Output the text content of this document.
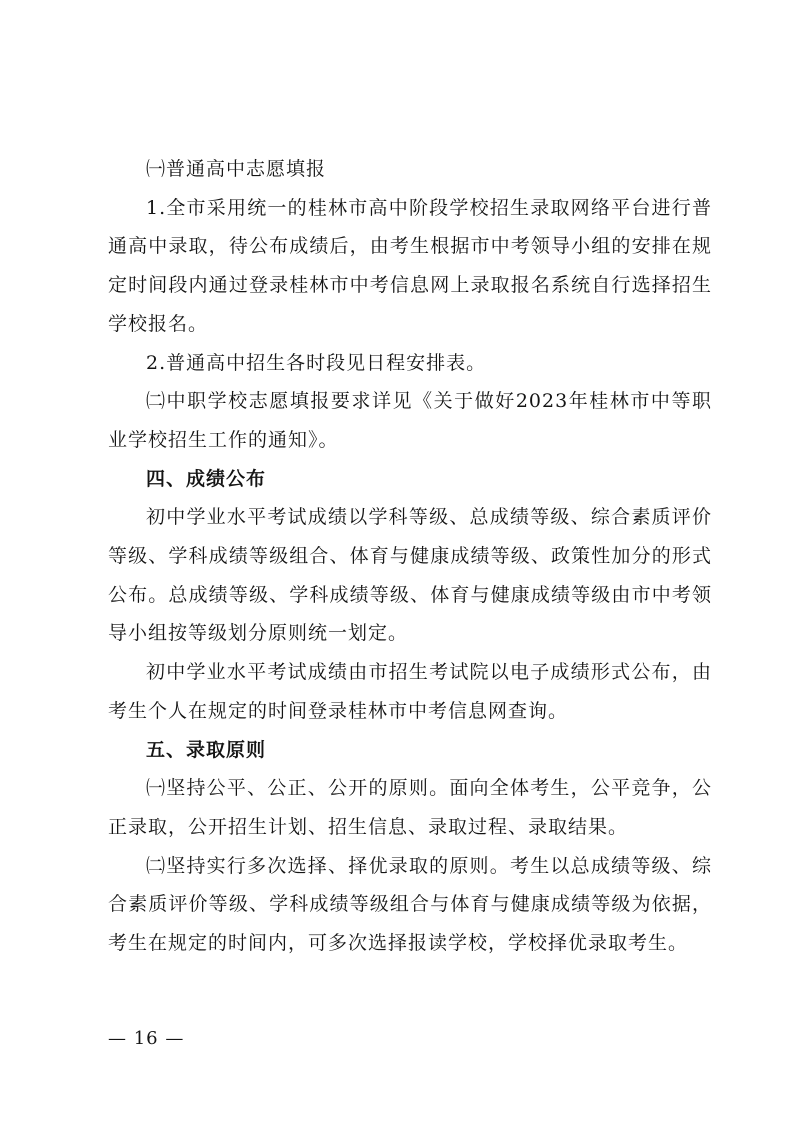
㈠普通高中志愿填报

1.全市采用统一的桂林市高中阶段学校招生录取网络平台进行普通高中录取，待公布成绩后，由考生根据市中考领导小组的安排在规定时间段内通过登录桂林市中考信息网上录取报名系统自行选择招生学校报名。

2.普通高中招生各时段见日程安排表。

㈡中职学校志愿填报要求详见《关于做好2023年桂林市中等职业学校招生工作的通知》。

四、成绩公布

初中学业水平考试成绩以学科等级、总成绩等级、综合素质评价等级、学科成绩等级组合、体育与健康成绩等级、政策性加分的形式公布。总成绩等级、学科成绩等级、体育与健康成绩等级由市中考领导小组按等级划分原则统一划定。

初中学业水平考试成绩由市招生考试院以电子成绩形式公布，由考生个人在规定的时间登录桂林市中考信息网查询。

五、录取原则

㈠坚持公平、公正、公开的原则。面向全体考生，公平竞争，公正录取，公开招生计划、招生信息、录取过程、录取结果。

㈡坚持实行多次选择、择优录取的原则。考生以总成绩等级、综合素质评价等级、学科成绩等级组合与体育与健康成绩等级为依据，考生在规定的时间内，可多次选择报读学校，学校择优录取考生。

— 16 —
